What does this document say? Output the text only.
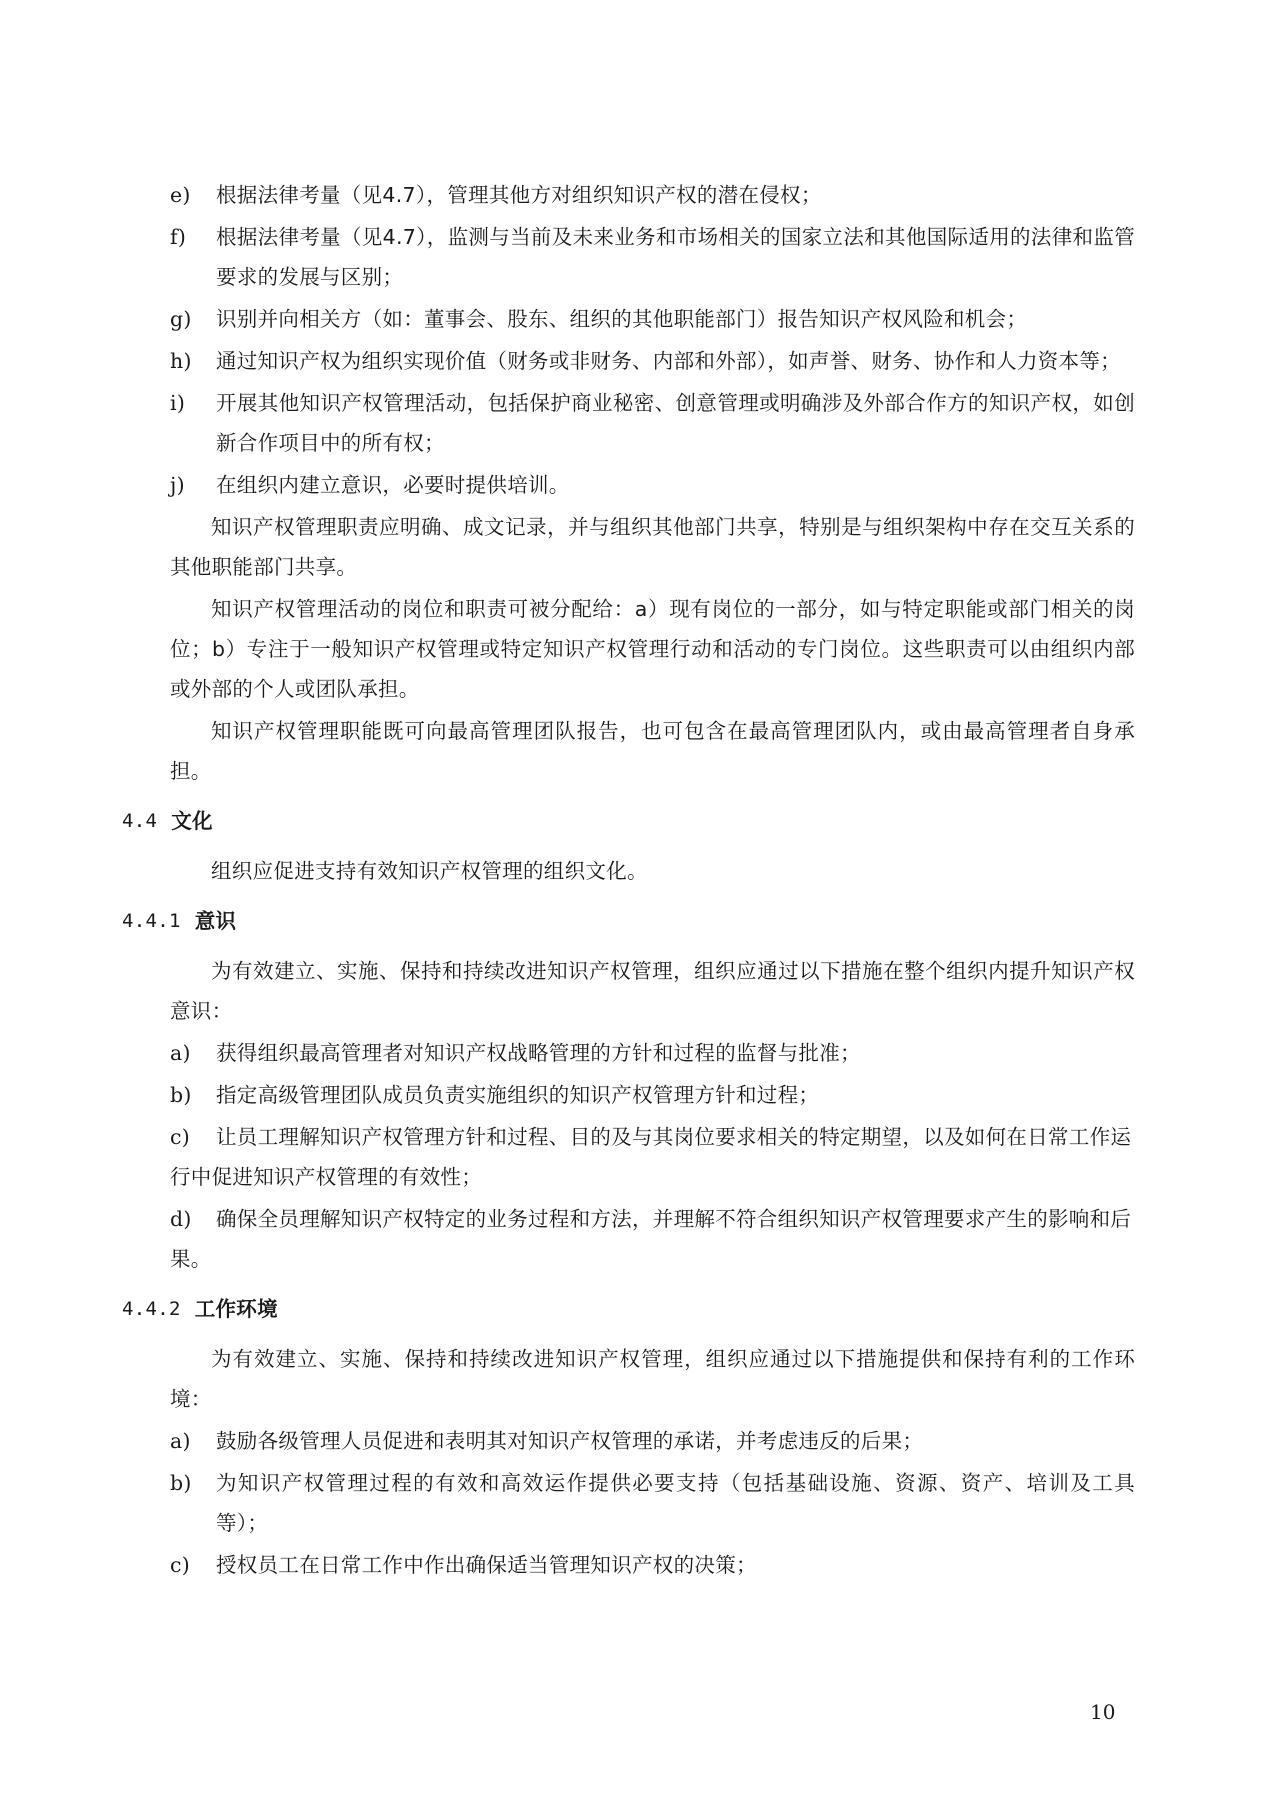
e)	根据法律考量（见4.7），管理其他方对组织知识产权的潜在侵权；
f)	根据法律考量（见4.7），监测与当前及未来业务和市场相关的国家立法和其他国际适用的法律和监管要求的发展与区别；
g)	识别并向相关方（如：董事会、股东、组织的其他职能部门）报告知识产权风险和机会；
h)	通过知识产权为组织实现价值（财务或非财务、内部和外部），如声誉、财务、协作和人力资本等；
i)	开展其他知识产权管理活动，包括保护商业秘密、创意管理或明确涉及外部合作方的知识产权，如创新合作项目中的所有权；
j)	在组织内建立意识，必要时提供培训。

知识产权管理职责应明确、成文记录，并与组织其他部门共享，特别是与组织架构中存在交互关系的其他职能部门共享。

知识产权管理活动的岗位和职责可被分配给：a）现有岗位的一部分，如与特定职能或部门相关的岗位；b）专注于一般知识产权管理或特定知识产权管理行动和活动的专门岗位。这些职责可以由组织内部或外部的个人或团队承担。

知识产权管理职能既可向最高管理团队报告，也可包含在最高管理团队内，或由最高管理者自身承担。

4.4 文化

组织应促进支持有效知识产权管理的组织文化。

4.4.1 意识

为有效建立、实施、保持和持续改进知识产权管理，组织应通过以下措施在整个组织内提升知识产权意识：

a)	获得组织最高管理者对知识产权战略管理的方针和过程的监督与批准；
b)	指定高级管理团队成员负责实施组织的知识产权管理方针和过程；
c) 让员工理解知识产权管理方针和过程、目的及与其岗位要求相关的特定期望，以及如何在日常工作运行中促进知识产权管理的有效性；
d) 确保全员理解知识产权特定的业务过程和方法，并理解不符合组织知识产权管理要求产生的影响和后果。
4.4.2 工作环境

为有效建立、实施、保持和持续改进知识产权管理，组织应通过以下措施提供和保持有利的工作环境：

a)	鼓励各级管理人员促进和表明其对知识产权管理的承诺，并考虑违反的后果；
b)	为知识产权管理过程的有效和高效运作提供必要支持（包括基础设施、资源、资产、培训及工具等）；
c)	授权员工在日常工作中作出确保适当管理知识产权的决策；
10
